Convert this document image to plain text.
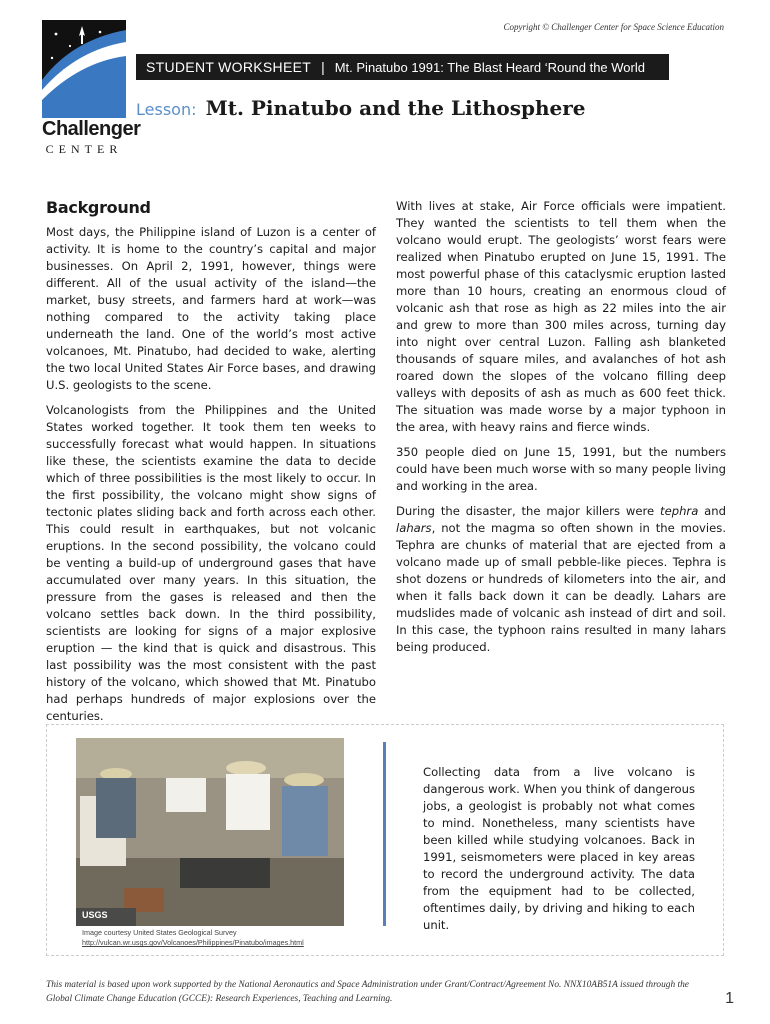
Copyright © Challenger Center for Space Science Education
Challenger
CENTER
STUDENT WORKSHEET | Mt. Pinatubo 1991: The Blast Heard ‘Round the World
Lesson: Mt. Pinatubo and the Lithosphere
Background

Most days, the Philippine island of Luzon is a center of activity. It is home to the country’s capital and major businesses. On April 2, 1991, however, things were different. All of the usual activity of the island—the market, busy streets, and farmers hard at work—was nothing compared to the activity taking place underneath the land. One of the world’s most active volcanoes, Mt. Pinatubo, had decided to wake, alerting the two local United States Air Force bases, and drawing U.S. geologists to the scene.

Volcanologists from the Philippines and the United States worked together. It took them ten weeks to successfully forecast what would happen. In situations like these, the scientists examine the data to decide which of three possibilities is the most likely to occur. In the first possibility, the volcano might show signs of tectonic plates sliding back and forth across each other. This could result in earthquakes, but not volcanic eruptions. In the second possibility, the volcano could be venting a build-up of underground gases that have accumulated over many years. In this situation, the pressure from the gases is released and then the volcano settles back down. In the third possibility, scientists are looking for signs of a major explosive eruption — the kind that is quick and disastrous. This last possibility was the most consistent with the past history of the volcano, which showed that Mt. Pinatubo had perhaps hundreds of major explosions over the centuries.

With lives at stake, Air Force officials were impatient. They wanted the scientists to tell them when the volcano would erupt. The geologists’ worst fears were realized when Pinatubo erupted on June 15, 1991. The most powerful phase of this cataclysmic eruption lasted more than 10 hours, creating an enormous cloud of volcanic ash that rose as high as 22 miles into the air and grew to more than 300 miles across, turning day into night over central Luzon. Falling ash blanketed thousands of square miles, and avalanches of hot ash roared down the slopes of the volcano filling deep valleys with deposits of ash as much as 600 feet thick. The situation was made worse by a major typhoon in the area, with heavy rains and fierce winds.

350 people died on June 15, 1991, but the numbers could have been much worse with so many people living and working in the area.

During the disaster, the major killers were tephra and lahars, not the magma so often shown in the movies. Tephra are chunks of material that are ejected from a volcano made up of small pebble-like pieces. Tephra is shot dozens or hundreds of kilometers into the air, and when it falls back down it can be deadly. Lahars are mudslides made of volcanic ash instead of dirt and soil. In this case, the typhoon rains resulted in many lahars being produced.

USGS
Image courtesy United States Geological Survey
http://vulcan.wr.usgs.gov/Volcanoes/Philippines/Pinatubo/images.html
Collecting data from a live volcano is dangerous work. When you think of dangerous jobs, a geologist is probably not what comes to mind. Nonetheless, many scientists have been killed while studying volcanoes. Back in 1991, seismometers were placed in key areas to record the underground activity. The data from the equipment had to be collected, oftentimes daily, by driving and hiking to each unit.
This material is based upon work supported by the National Aeronautics and Space Administration under Grant/Contract/Agreement No. NNX10AB51A issued through the Global Climate Change Education (GCCE): Research Experiences, Teaching and Learning.	1
